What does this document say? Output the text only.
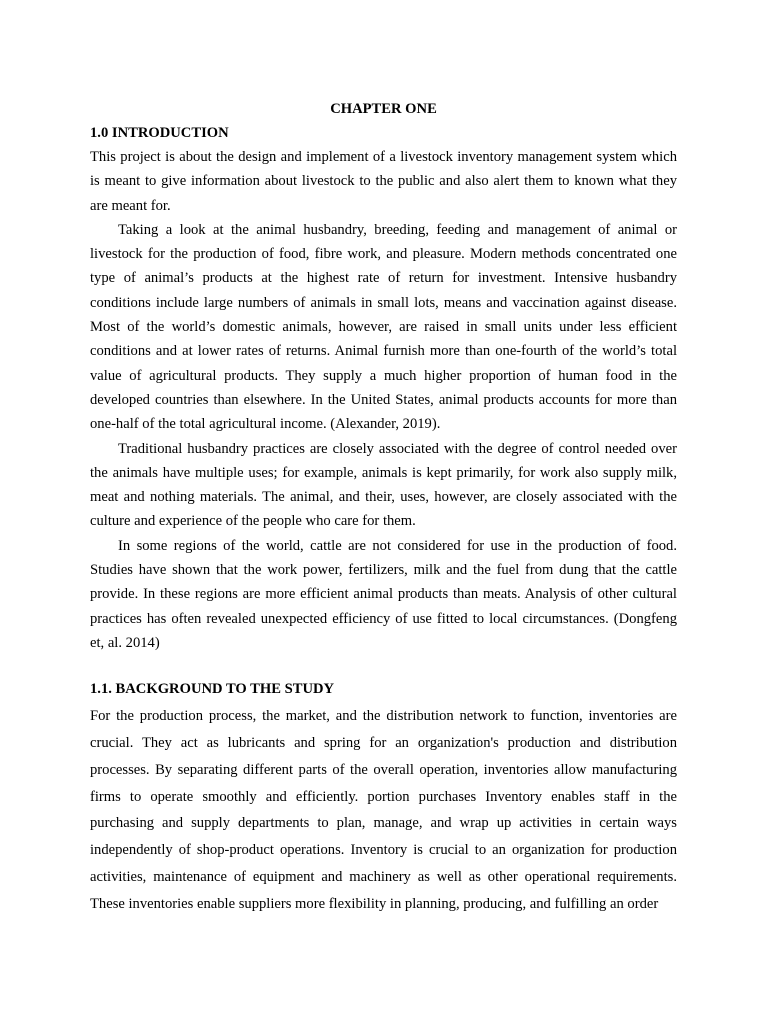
CHAPTER ONE

1.0 INTRODUCTION

This project is about the design and implement of a livestock inventory management system which is meant to give information about livestock to the public and also alert them to known what they are meant for.

Taking a look at the animal husbandry, breeding, feeding and management of animal or livestock for the production of food, fibre work, and pleasure. Modern methods concentrated one type of animal’s products at the highest rate of return for investment. Intensive husbandry conditions include large numbers of animals in small lots, means and vaccination against disease. Most of the world’s domestic animals, however, are raised in small units under less efficient conditions and at lower rates of returns. Animal furnish more than one-fourth of the world’s total value of agricultural products. They supply a much higher proportion of human food in the developed countries than elsewhere. In the United States, animal products accounts for more than one-half of the total agricultural income. (Alexander, 2019).

Traditional husbandry practices are closely associated with the degree of control needed over the animals have multiple uses; for example, animals is kept primarily, for work also supply milk, meat and nothing materials. The animal, and their, uses, however, are closely associated with the culture and experience of the people who care for them.

In some regions of the world, cattle are not considered for use in the production of food. Studies have shown that the work power, fertilizers, milk and the fuel from dung that the cattle provide. In these regions are more efficient animal products than meats. Analysis of other cultural practices has often revealed unexpected efficiency of use fitted to local circumstances. (Dongfeng et, al. 2014)

1.1. BACKGROUND TO THE STUDY

For the production process, the market, and the distribution network to function, inventories are crucial. They act as lubricants and spring for an organization's production and distribution processes. By separating different parts of the overall operation, inventories allow manufacturing firms to operate smoothly and efficiently. portion purchases Inventory enables staff in the purchasing and supply departments to plan, manage, and wrap up activities in certain ways independently of shop-product operations. Inventory is crucial to an organization for production activities, maintenance of equipment and machinery as well as other operational requirements. These inventories enable suppliers more flexibility in planning, producing, and fulfilling an order
